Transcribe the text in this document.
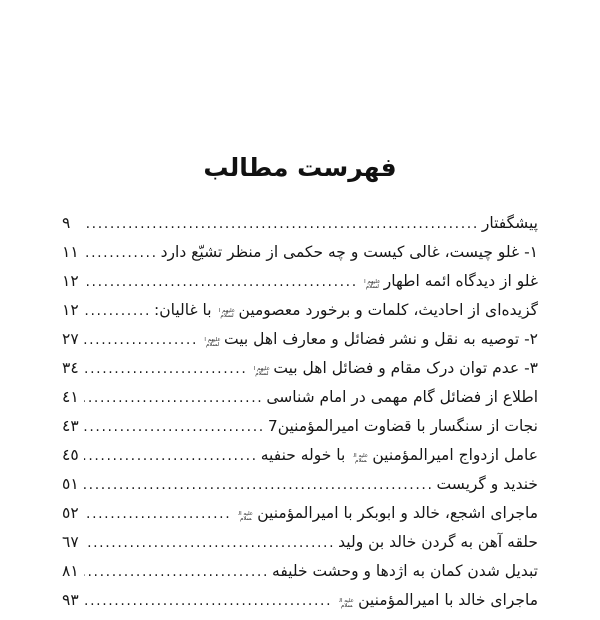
فهرست مطالب
پیشگفتار
.....
٩
١- غلو چیست، غالی کیست و چه حکمی از منظر تشیّع دارد
.....
١١
غلو از دیدگاه ائمه اطهار
علیهم السلام
.....
١٢
گزیده‌ای از احادیث، کلمات و برخورد معصومین
علیهم السلام
با غالیان:
.....
١٢
٢- توصیه به نقل و نشر فضائل و معارف اهل بیت
علیهم السلام
.....
٢٧
٣- عدم توان درک مقام و فضائل اهل بیت
علیهم السلام
.....
٣٤
اطلاع از فضائل گام مهمی در امام شناسی
.....
٤١
نجات از سنگسار با قضاوت امیرالمؤمنین7
.....
٤٣
عامل ازدواج امیرالمؤمنین
علیه السلام
با خوله حنفیه
.....
٤٥
خندید و گریست
.....
٥١
ماجرای اشجع، خالد و ابوبکر با امیرالمؤمنین
علیه السلام
.....
٥٢
حلقه آهن به گردن خالد بن ولید
.....
٦٧
تبدیل شدن کمان به اژدها و وحشت خلیفه
.....
٨١
ماجرای خالد با امیرالمؤمنین
علیه السلام
.....
٩٣
